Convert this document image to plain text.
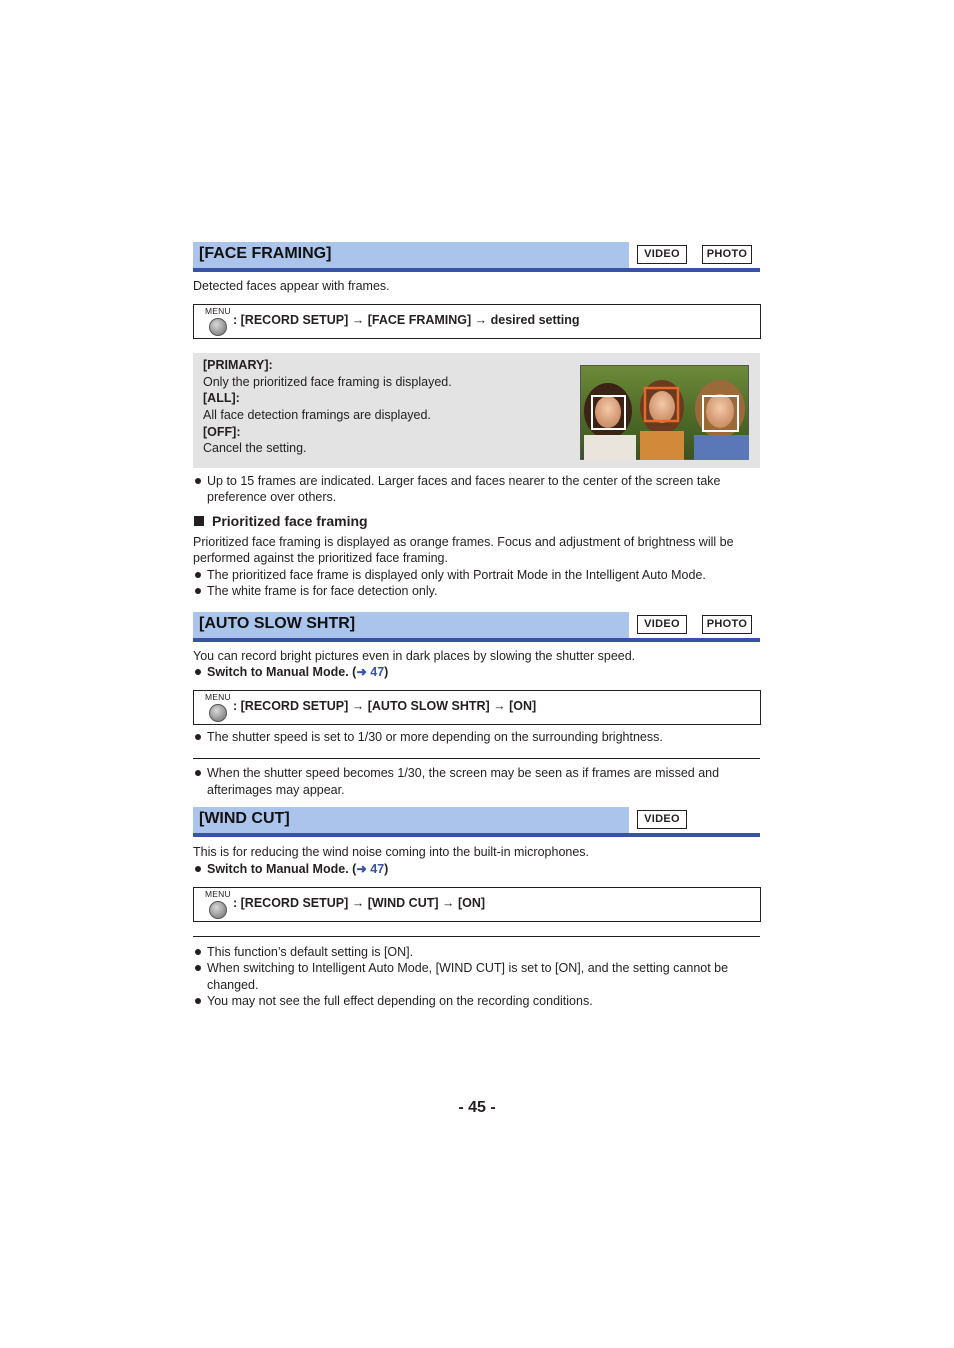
[FACE FRAMING]	VIDEO	PHOTO
Detected faces appear with frames.
MENU
: [RECORD SETUP] → [FACE FRAMING] → desired setting
[PRIMARY]:
Only the prioritized face framing is displayed.
[ALL]:
All face detection framings are displayed.
[OFF]:
Cancel the setting.
Up to 15 frames are indicated. Larger faces and faces nearer to the center of the screen take
preference over others.
Prioritized face framing
Prioritized face framing is displayed as orange frames. Focus and adjustment of brightness will be
performed against the prioritized face framing.
The prioritized face frame is displayed only with Portrait Mode in the Intelligent Auto Mode.
The white frame is for face detection only.
[AUTO SLOW SHTR]	VIDEO	PHOTO
You can record bright pictures even in dark places by slowing the shutter speed.
Switch to Manual Mode. (➜ 47)
MENU
: [RECORD SETUP] → [AUTO SLOW SHTR] → [ON]
The shutter speed is set to 1/30 or more depending on the surrounding brightness.
When the shutter speed becomes 1/30, the screen may be seen as if frames are missed and
afterimages may appear.
[WIND CUT]	VIDEO
This is for reducing the wind noise coming into the built-in microphones.
Switch to Manual Mode. (➜ 47)
MENU
: [RECORD SETUP] → [WIND CUT] → [ON]
This function’s default setting is [ON].
When switching to Intelligent Auto Mode, [WIND CUT] is set to [ON], and the setting cannot be
changed.
You may not see the full effect depending on the recording conditions.
- 45 -
